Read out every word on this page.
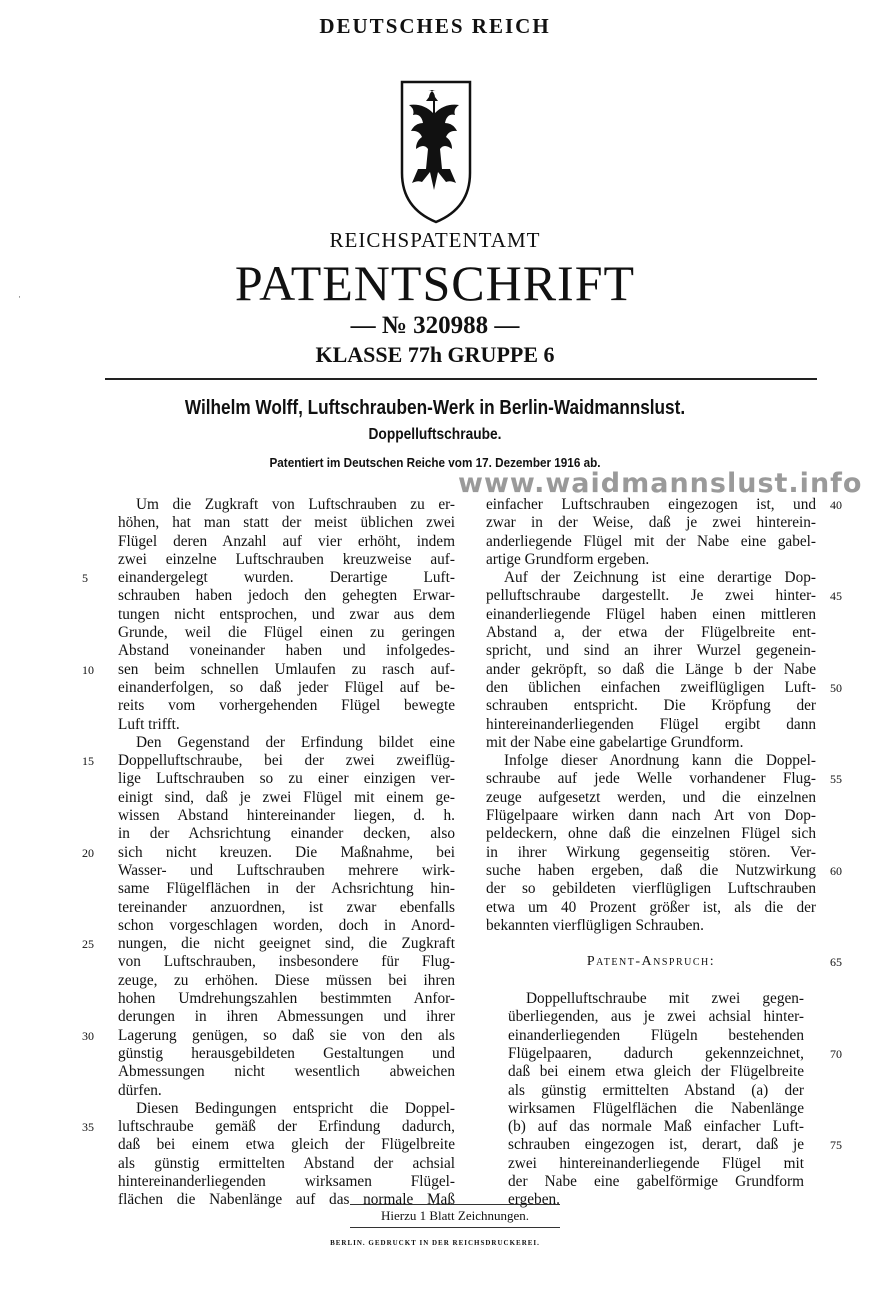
DEUTSCHES REICH
REICHSPATENTAMT
PATENTSCHRIFT
— № 320988 —
KLASSE 77h GRUPPE 6
Wilhelm Wolff, Luftschrauben-Werk in Berlin-Waidmannslust.
Doppelluftschraube.
Patentiert im Deutschen Reiche vom 17. Dezember 1916 ab.
www.waidmannslust.info
·
Um die Zugkraft von Luftschrauben zu er-
höhen, hat man statt der meist üblichen zwei
Flügel deren Anzahl auf vier erhöht, indem
zwei einzelne Luftschrauben kreuzweise auf-
einandergelegt wurden. Derartige Luft-
5
schrauben haben jedoch den gehegten Erwar-
tungen nicht entsprochen, und zwar aus dem
Grunde, weil die Flügel einen zu geringen
Abstand voneinander haben und infolgedes-
sen beim schnellen Umlaufen zu rasch auf-
10
einanderfolgen, so daß jeder Flügel auf be-
reits vom vorhergehenden Flügel bewegte
Luft trifft.
Den Gegenstand der Erfindung bildet eine
Doppelluftschraube, bei der zwei zweiflüg-
15
lige Luftschrauben so zu einer einzigen ver-
einigt sind, daß je zwei Flügel mit einem ge-
wissen Abstand hintereinander liegen, d. h.
in der Achsrichtung einander decken, also
sich nicht kreuzen. Die Maßnahme, bei
20
Wasser- und Luftschrauben mehrere wirk-
same Flügelflächen in der Achsrichtung hin-
tereinander anzuordnen, ist zwar ebenfalls
schon vorgeschlagen worden, doch in Anord-
nungen, die nicht geeignet sind, die Zugkraft
25
von Luftschrauben, insbesondere für Flug-
zeuge, zu erhöhen. Diese müssen bei ihren
hohen Umdrehungszahlen bestimmten Anfor-
derungen in ihren Abmessungen und ihrer
Lagerung genügen, so daß sie von den als
30
günstig herausgebildeten Gestaltungen und
Abmessungen nicht wesentlich abweichen
dürfen.
Diesen Bedingungen entspricht die Doppel-
luftschraube gemäß der Erfindung dadurch,
35
daß bei einem etwa gleich der Flügelbreite
als günstig ermittelten Abstand der achsial
hintereinanderliegenden wirksamen Flügel-
flächen die Nabenlänge auf das normale Maß
einfacher Luftschrauben eingezogen ist, und 40
zwar in der Weise, daß je zwei hinterein-
anderliegende Flügel mit der Nabe eine gabel-
artige Grundform ergeben.
Auf der Zeichnung ist eine derartige Dop-
pelluftschraube dargestellt. Je zwei hinter- 45
einanderliegende Flügel haben einen mittleren
Abstand a, der etwa der Flügelbreite ent-
spricht, und sind an ihrer Wurzel gegenein-
ander gekröpft, so daß die Länge b der Nabe
den üblichen einfachen zweiflügligen Luft- 50
schrauben entspricht. Die Kröpfung der
hintereinanderliegenden Flügel ergibt dann
mit der Nabe eine gabelartige Grundform.
Infolge dieser Anordnung kann die Doppel-
schraube auf jede Welle vorhandener Flug- 55
zeuge aufgesetzt werden, und die einzelnen
Flügelpaare wirken dann nach Art von Dop-
peldeckern, ohne daß die einzelnen Flügel sich
in ihrer Wirkung gegenseitig stören. Ver-
suche haben ergeben, daß die Nutzwirkung 60
der so gebildeten vierflügligen Luftschrauben
etwa um 40 Prozent größer ist, als die der
bekannten vierflügligen Schrauben.
Patent-Anspruch:	65
Doppelluftschraube mit zwei gegen-
überliegenden, aus je zwei achsial hinter-
einanderliegenden Flügeln bestehenden
Flügelpaaren, dadurch gekennzeichnet, 70
daß bei einem etwa gleich der Flügelbreite
als günstig ermittelten Abstand (a) der
wirksamen Flügelflächen die Nabenlänge
(b) auf das normale Maß einfacher Luft-
schrauben eingezogen ist, derart, daß je 75
zwei hintereinanderliegende Flügel mit
der Nabe eine gabelförmige Grundform
ergeben.
Hierzu 1 Blatt Zeichnungen.
BERLIN. GEDRUCKT IN DER REICHSDRUCKEREI.
